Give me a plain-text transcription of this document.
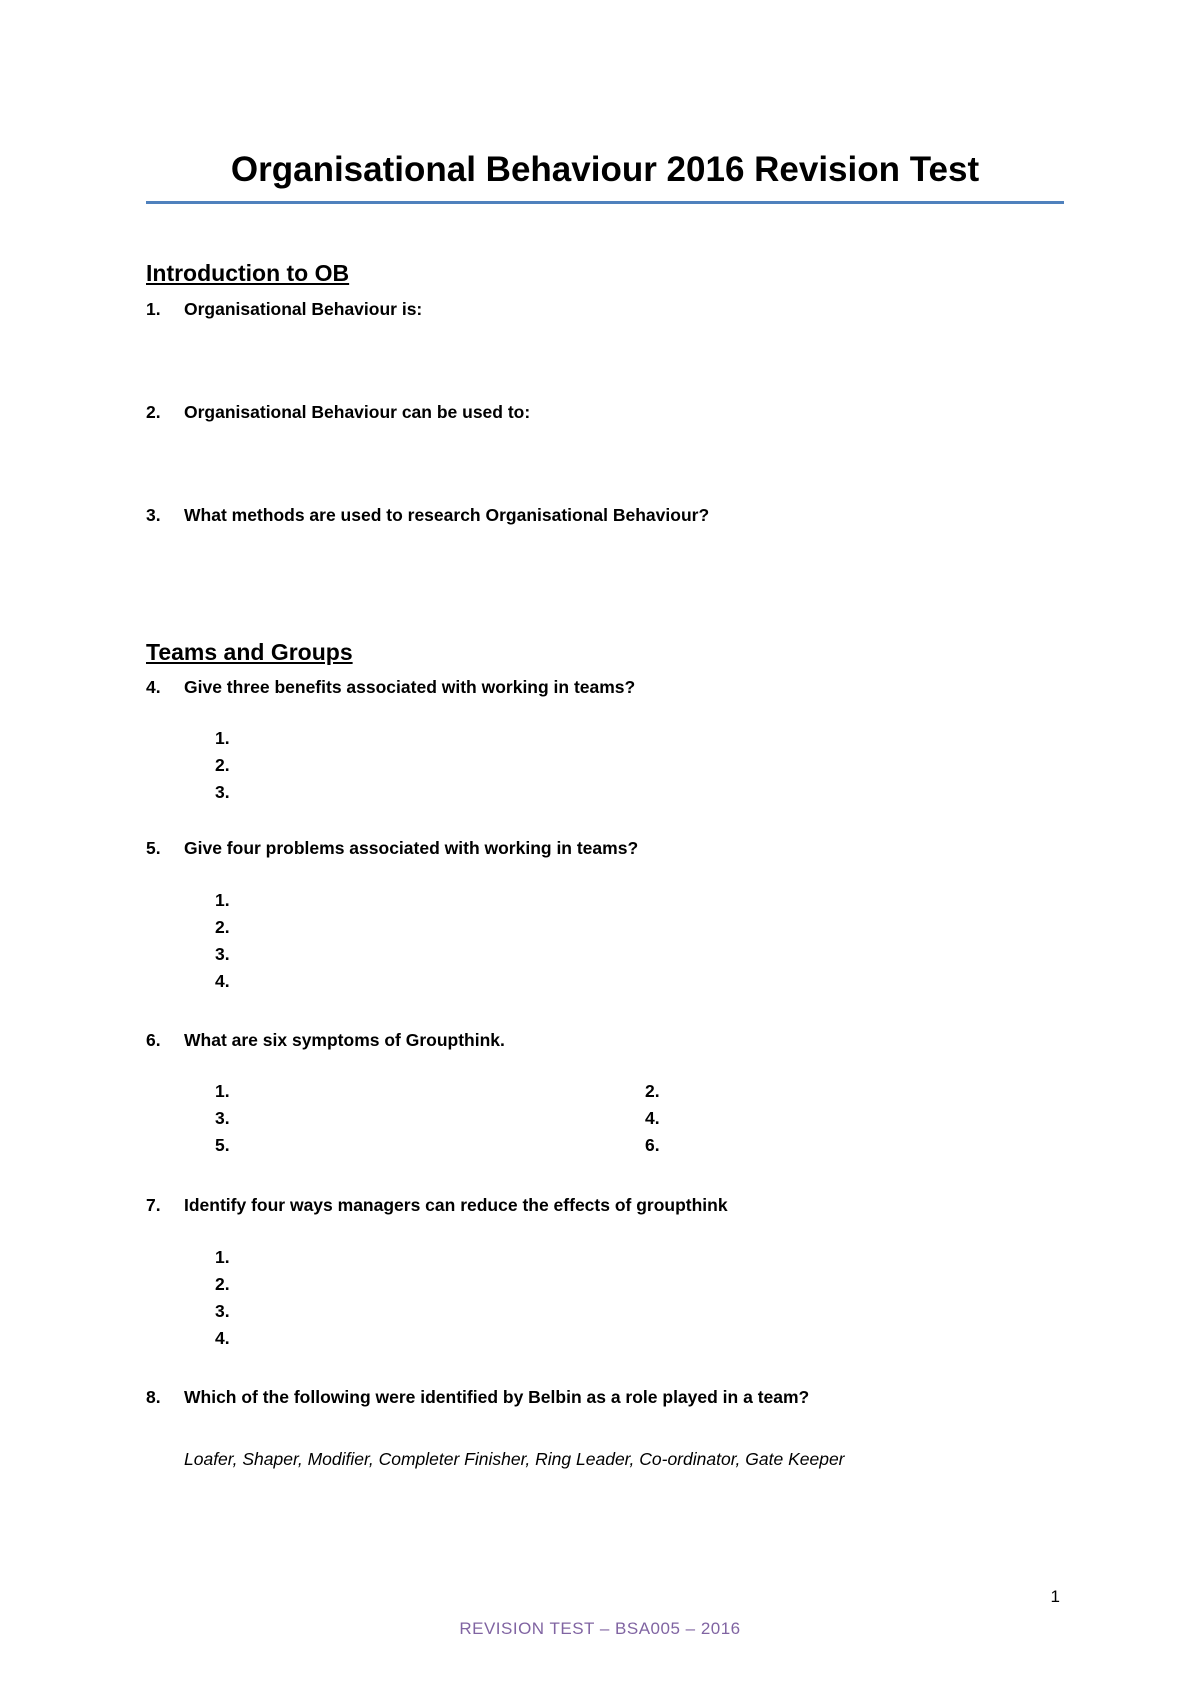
Organisational Behaviour 2016 Revision Test
Introduction to OB
1. Organisational Behaviour is:
2. Organisational Behaviour can be used to:
3. What methods are used to research Organisational Behaviour?
Teams and Groups
4. Give three benefits associated with working in teams?
1.
2.
3.
5. Give four problems associated with working in teams?
1.
2.
3.
4.
6. What are six symptoms of Groupthink.
1.	2.
3.	4.
5.	6.
7. Identify four ways managers can reduce the effects of groupthink
1.
2.
3.
4.
8. Which of the following were identified by Belbin as a role played in a team?
Loafer, Shaper, Modifier, Completer Finisher, Ring Leader, Co-ordinator, Gate Keeper
1
REVISION TEST – BSA005 – 2016
